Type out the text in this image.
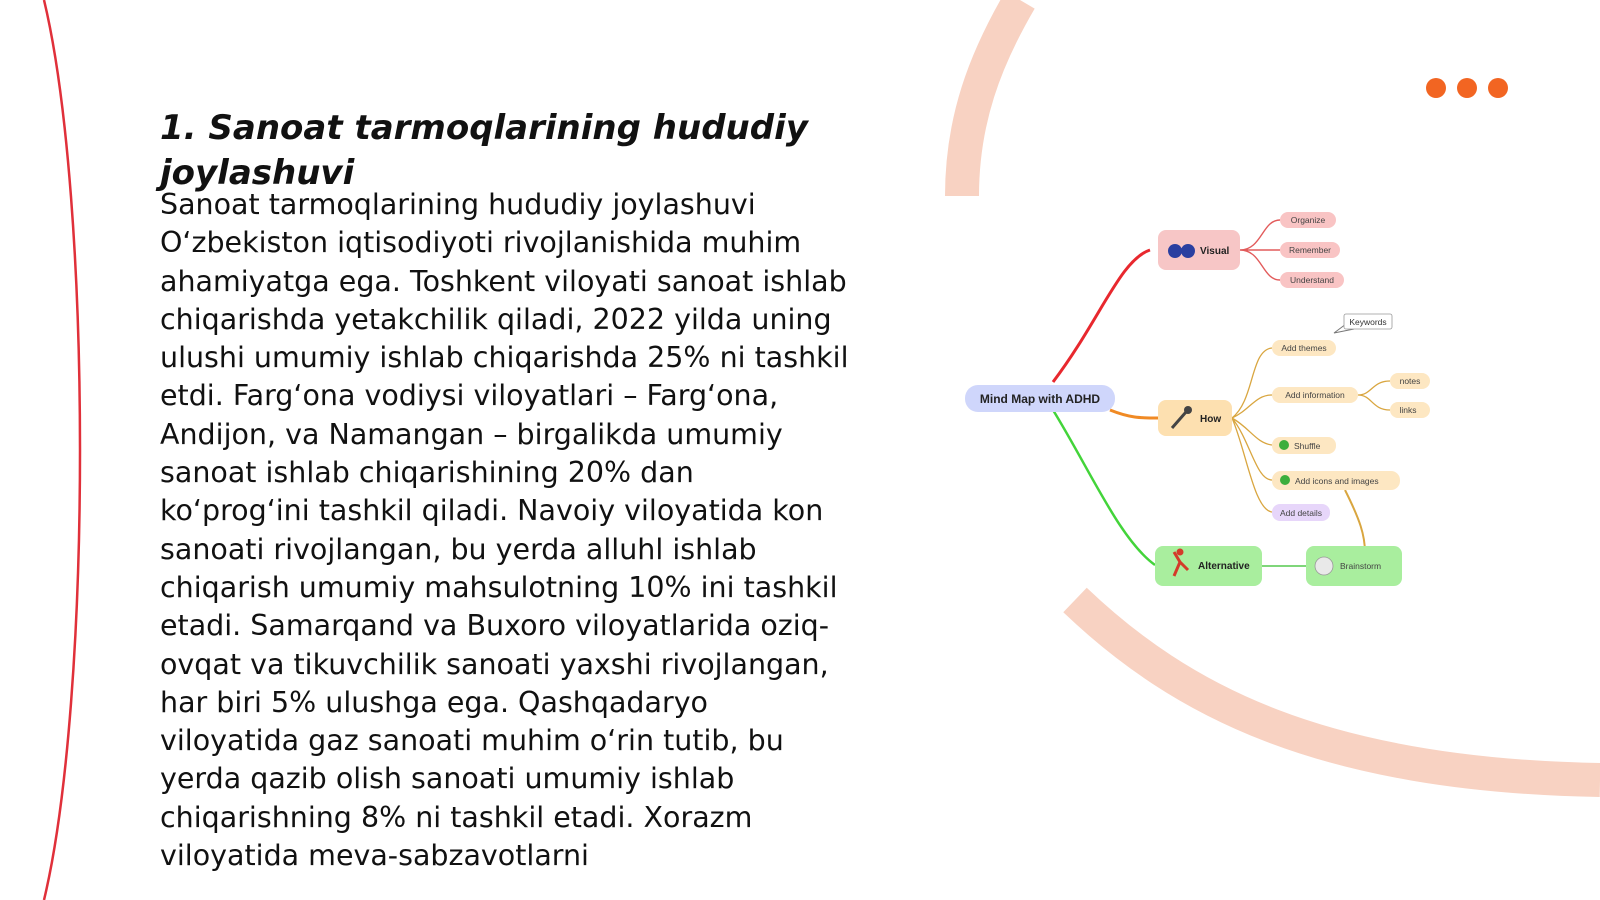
1. Sanoat tarmoqlarining hududiy joylashuvi

Sanoat tarmoqlarining hududiy joylashuvi O‘zbekiston iqtisodiyoti rivojlanishida muhim ahamiyatga ega. Toshkent viloyati sanoat ishlab chiqarishda yetakchilik qiladi, 2022 yilda uning ulushi umumiy ishlab chiqarishda 25% ni tashkil etdi. Farg‘ona vodiysi viloyatlari – Farg‘ona, Andijon, va Namangan – birgalikda umumiy sanoat ishlab chiqarishining 20% dan ko‘prog‘ini tashkil qiladi. Navoiy viloyatida kon sanoati rivojlangan, bu yerda alluhl ishlab chiqarish umumiy mahsulotning 10% ini tashkil etadi. Samarqand va Buxoro viloyatlarida oziq-ovqat va tikuvchilik sanoati yaxshi rivojlangan, har biri 5% ulushga ega. Qashqadaryo viloyatida gaz sanoati muhim o‘rin tutib, bu yerda qazib olish sanoati umumiy ishlab chiqarishning 8% ni tashkil etadi. Xorazm viloyatida meva-sabzavotlarni

Mind Map with ADHD
Visual
Organize
Remember
Understand
Keywords
How
Add themes
Add information
notes
links
Shuffle
Add icons and images
Add details
Alternative	Brainstorm
